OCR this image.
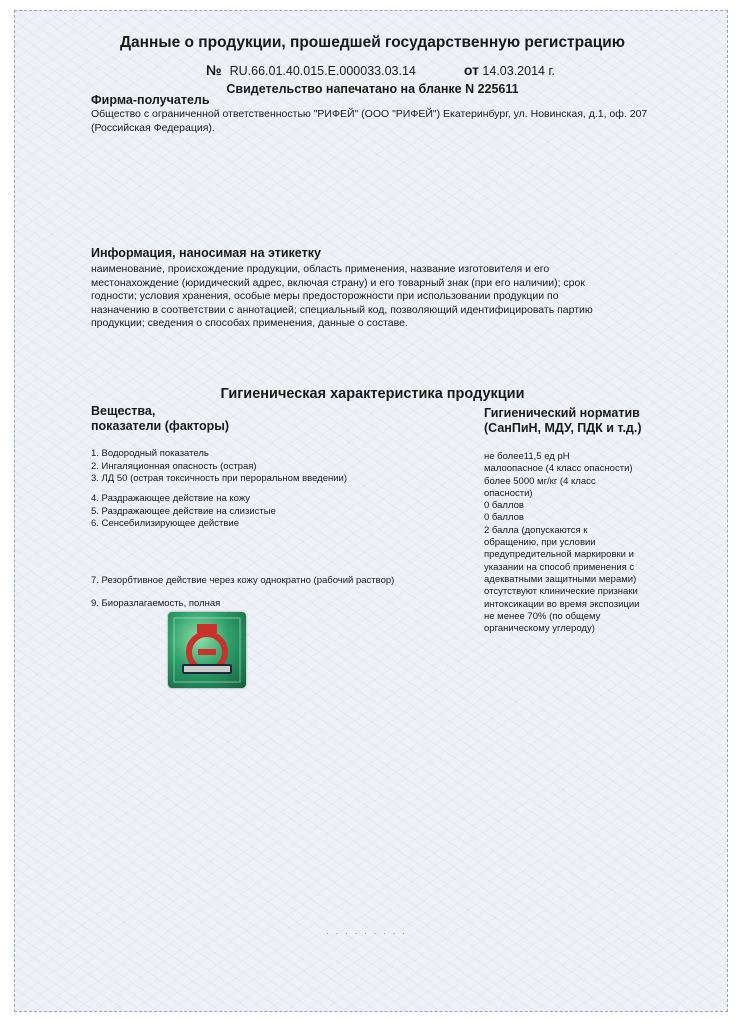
Данные о продукции, прошедшей государственную регистрацию
№ RU.66.01.40.015.E.000033.03.14	от 14.03.2014 г.
Свидетельство напечатано на бланке N 225611
Фирма-получатель
Общество с ограниченной ответственностью "РИФЕЙ" (ООО "РИФЕЙ") Екатеринбург, ул. Новинская, д.1, оф. 207 (Российская Федерация).
Информация, наносимая на этикетку
наименование, происхождение продукции, область применения, название изготовителя и его местонахождение (юридический адрес, включая страну) и его товарный знак (при его наличии); срок годности; условия хранения, особые меры предосторожности при использовании продукции по назначению в соответствии с аннотацией; специальный код, позволяющий идентифицировать партию продукции; сведения о способах применения, данные о составе.
Гигиеническая характеристика продукции
Вещества,
показатели (факторы)
Гигиенический норматив
(СанПиН, МДУ, ПДК и т.д.)
1. Водородный показатель
2. Ингаляционная опасность (острая)
3. ЛД 50 (острая токсичность при пероральном введении)
4. Раздражающее действие на кожу
5. Раздражающее действие на слизистые
6. Сенсебилизирующее действие
7. Резорбтивное действие через кожу однократно (рабочий раствор)
9. Биоразлагаемость, полная
не более11,5 ед pH
малоопасное (4 класс опасности)
более 5000 мг/кг (4 класс
опасности)
0 баллов
0 баллов
2 балла (допускаются к
обращению, при условии
предупредительной маркировки и
указании на способ применения с
адекватными защитными мерами)
отсутствуют клинические признаки
интоксикации во время экспозиции
не менее 70% (по общему
органическому углероду)
· · · · · · · · ·
